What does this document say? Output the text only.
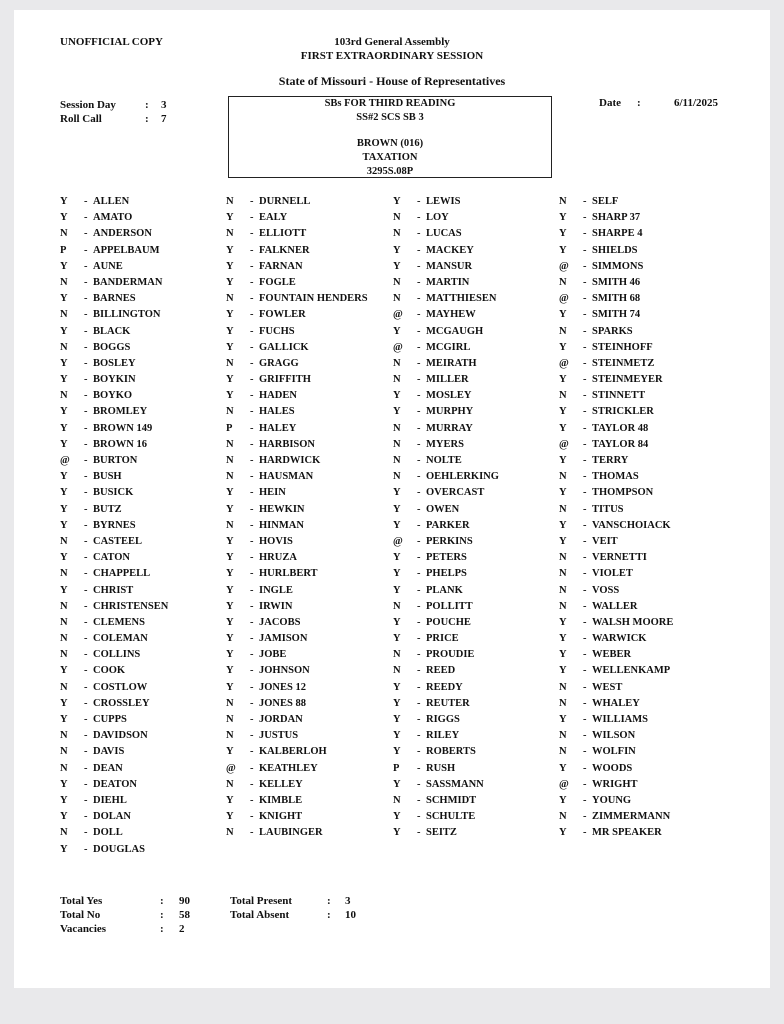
UNOFFICIAL COPY	103rd General Assembly
FIRST EXTRAORDINARY SESSION
State of Missouri - House of Representatives
Session Day	: 3
Roll Call	: 7
Date :	6/11/2025
SBs FOR THIRD READING
SS#2 SCS SB 3
BROWN (016)
TAXATION
3295S.08P
Y - ALLEN
Y - AMATO
N - ANDERSON
P - APPELBAUM
Y - AUNE
N - BANDERMAN
Y - BARNES
N - BILLINGTON
Y - BLACK
N - BOGGS
Y - BOSLEY
Y - BOYKIN
N - BOYKO
Y - BROMLEY
Y - BROWN 149
Y - BROWN 16
@ - BURTON
Y - BUSH
Y - BUSICK
Y - BUTZ
Y - BYRNES
N - CASTEEL
Y - CATON
N - CHAPPELL
Y - CHRIST
N - CHRISTENSEN
N - CLEMENS
N - COLEMAN
N - COLLINS
Y - COOK
N - COSTLOW
Y - CROSSLEY
Y - CUPPS
N - DAVIDSON
N - DAVIS
N - DEAN
Y - DEATON
Y - DIEHL
Y - DOLAN
N - DOLL
Y - DOUGLAS
N - DURNELL
Y - EALY
N - ELLIOTT
Y - FALKNER
Y - FARNAN
Y - FOGLE
N - FOUNTAIN HENDERS
Y - FOWLER
Y - FUCHS
Y - GALLICK
N - GRAGG
Y - GRIFFITH
Y - HADEN
N - HALES
P - HALEY
N - HARBISON
N - HARDWICK
N - HAUSMAN
Y - HEIN
Y - HEWKIN
N - HINMAN
Y - HOVIS
Y - HRUZA
Y - HURLBERT
Y - INGLE
Y - IRWIN
Y - JACOBS
Y - JAMISON
Y - JOBE
Y - JOHNSON
Y - JONES 12
N - JONES 88
N - JORDAN
N - JUSTUS
Y - KALBERLOH
@ - KEATHLEY
N - KELLEY
Y - KIMBLE
Y - KNIGHT
N - LAUBINGER
Y - LEWIS
N - LOY
N - LUCAS
Y - MACKEY
Y - MANSUR
N - MARTIN
N - MATTHIESEN
@ - MAYHEW
Y - MCGAUGH
@ - MCGIRL
N - MEIRATH
N - MILLER
Y - MOSLEY
Y - MURPHY
N - MURRAY
N - MYERS
N - NOLTE
N - OEHLERKING
Y - OVERCAST
Y - OWEN
Y - PARKER
@ - PERKINS
Y - PETERS
Y - PHELPS
Y - PLANK
N - POLLITT
Y - POUCHE
Y - PRICE
N - PROUDIE
N - REED
Y - REEDY
Y - REUTER
Y - RIGGS
Y - RILEY
Y - ROBERTS
P - RUSH
Y - SASSMANN
N - SCHMIDT
Y - SCHULTE
Y - SEITZ
N - SELF
Y - SHARP 37
Y - SHARPE 4
Y - SHIELDS
@ - SIMMONS
N - SMITH 46
@ - SMITH 68
Y - SMITH 74
N - SPARKS
Y - STEINHOFF
@ - STEINMETZ
Y - STEINMEYER
N - STINNETT
Y - STRICKLER
Y - TAYLOR 48
@ - TAYLOR 84
Y - TERRY
N - THOMAS
Y - THOMPSON
N - TITUS
Y - VANSCHOIACK
Y - VEIT
N - VERNETTI
N - VIOLET
N - VOSS
N - WALLER
Y - WALSH MOORE
Y - WARWICK
Y - WEBER
Y - WELLENKAMP
N - WEST
N - WHALEY
Y - WILLIAMS
N - WILSON
N - WOLFIN
Y - WOODS
@ - WRIGHT
Y - YOUNG
N - ZIMMERMANN
Y - MR SPEAKER
Total Yes	: 90
Total No	: 58
Vacancies	: 2
Total Present	: 3
Total Absent	: 10
